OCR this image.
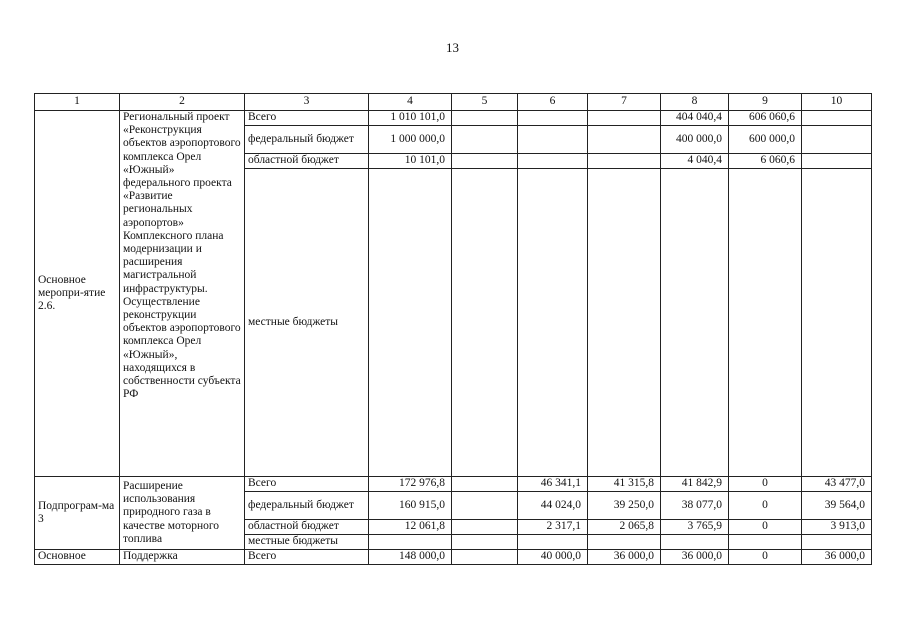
13
1	2	3	4	5	6	7	8	9	10
Основное меропри-ятие 2.6.	Региональный проект «Реконструкция объектов аэропортового комплекса Орел «Южный» федерального проекта «Развитие региональных аэропортов» Комплексного плана модернизации и расширения магистральной инфраструктуры. Осуществление реконструкции объектов аэропортового комплекса Орел «Южный», находящихся в собственности субъекта РФ	Всего	1 010 101,0				404 040,4	606 060,6	
		федеральный бюджет	1 000 000,0				400 000,0	600 000,0	
		областной бюджет	10 101,0				4 040,4	6 060,6	
		местные бюджеты							
Подпрограм-ма 3	Расширение использования природного газа в качестве моторного топлива	Всего	172 976,8		46 341,1	41 315,8	41 842,9	0	43 477,0
		федеральный бюджет	160 915,0		44 024,0	39 250,0	38 077,0	0	39 564,0
		областной бюджет	12 061,8		2 317,1	2 065,8	3 765,9	0	3 913,0
		местные бюджеты							
Основное	Поддержка	Всего	148 000,0		40 000,0	36 000,0	36 000,0	0	36 000,0
